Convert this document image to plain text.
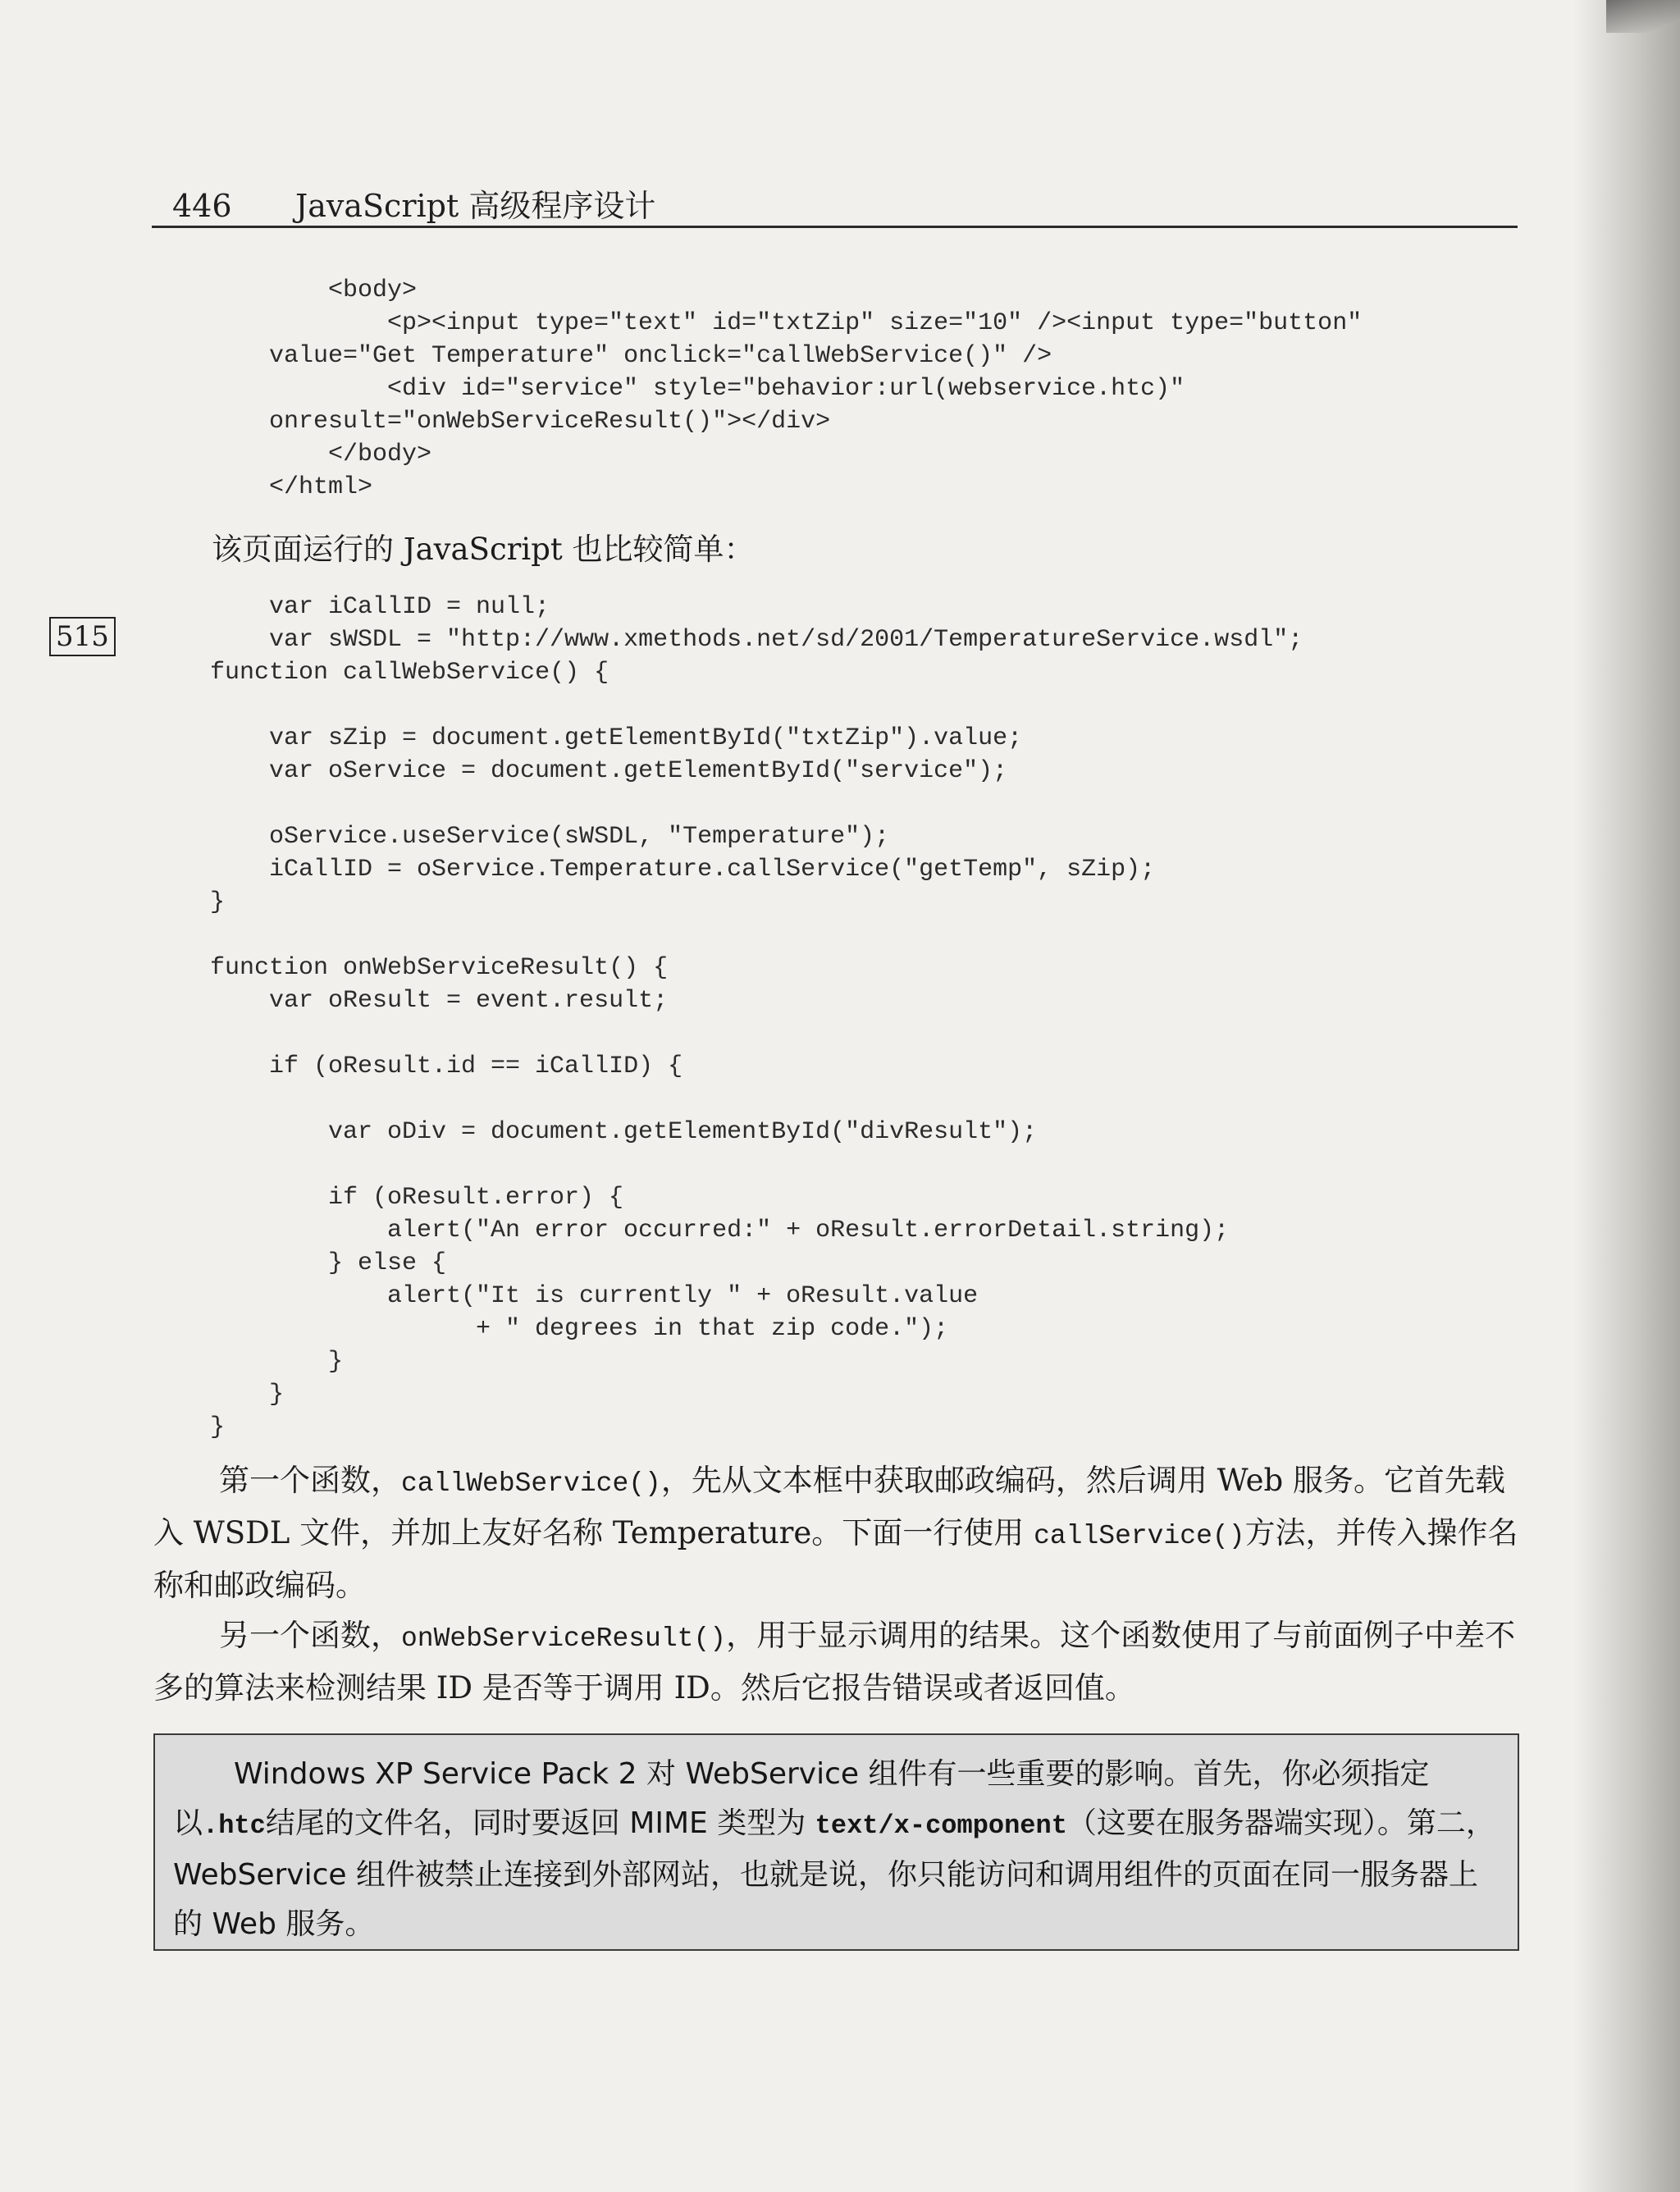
446 JavaScript 高级程序设计
<body>
<p><input type="text" id="txtZip" size="10" /><input type="button"
value="Get Temperature" onclick="callWebService()" />
<div id="service" style="behavior:url(webservice.htc)"
onresult="onWebServiceResult()"></div>
</body>
</html>
该页面运行的 JavaScript 也比较简单：
515
var iCallID = null;
var sWSDL = "http://www.xmethods.net/sd/2001/TemperatureService.wsdl";
function callWebService() {
var sZip = document.getElementById("txtZip").value;
var oService = document.getElementById("service");
oService.useService(sWSDL, "Temperature");
iCallID = oService.Temperature.callService("getTemp", sZip);
}
function onWebServiceResult() {
var oResult = event.result;
if (oResult.id == iCallID) {
var oDiv = document.getElementById("divResult");
if (oResult.error) {
alert("An error occurred:" + oResult.errorDetail.string);
} else {
alert("It is currently " + oResult.value
+ " degrees in that zip code.");
}
}
}
第一个函数，callWebService()，先从文本框中获取邮政编码，然后调用 Web 服务。它首先载入 WSDL 文件，并加上友好名称 Temperature。下面一行使用 callService()方法，并传入操作名称和邮政编码。
另一个函数，onWebServiceResult()，用于显示调用的结果。这个函数使用了与前面例子中差不多的算法来检测结果 ID 是否等于调用 ID。然后它报告错误或者返回值。
Windows XP Service Pack 2 对 WebService 组件有一些重要的影响。首先，你必须指定以.htc结尾的文件名，同时要返回 MIME 类型为 text/x-component（这要在服务器端实现）。第二，WebService 组件被禁止连接到外部网站，也就是说，你只能访问和调用组件的页面在同一服务器上的 Web 服务。
